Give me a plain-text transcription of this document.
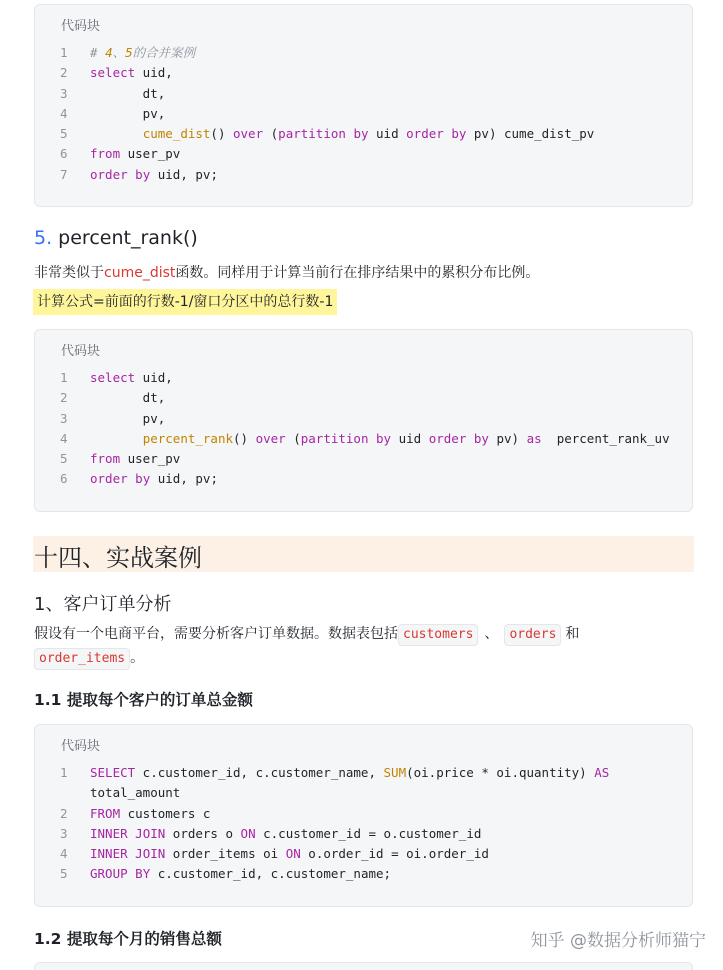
代码块
1	# 4、5的合并案例
2	select uid,
3	dt,
4	pv,
5	cume_dist() over (partition by uid order by pv) cume_dist_pv
6	from user_pv
7	order by uid, pv;
5. percent_rank()
非常类似于cume_dist函数。同样用于计算当前行在排序结果中的累积分布比例。
计算公式=前面的行数-1/窗口分区中的总行数-1
代码块
1	select uid,
2	dt,
3	pv,
4	percent_rank() over (partition by uid order by pv) as  percent_rank_uv
5	from user_pv
6	order by uid, pv;
十四、实战案例
1、客户订单分析
假设有一个电商平台，需要分析客户订单数据。数据表包括 customers 、 orders 和
order_items 。
1.1 提取每个客户的订单总金额
代码块
1	SELECT c.customer_id, c.customer_name, SUM(oi.price * oi.quantity) AS
total_amount
2	FROM customers c
3	INNER JOIN orders o ON c.customer_id = o.customer_id
4	INNER JOIN order_items oi ON o.order_id = oi.order_id
5	GROUP BY c.customer_id, c.customer_name;
1.2 提取每个月的销售总额	知乎 @数据分析师猫宁
